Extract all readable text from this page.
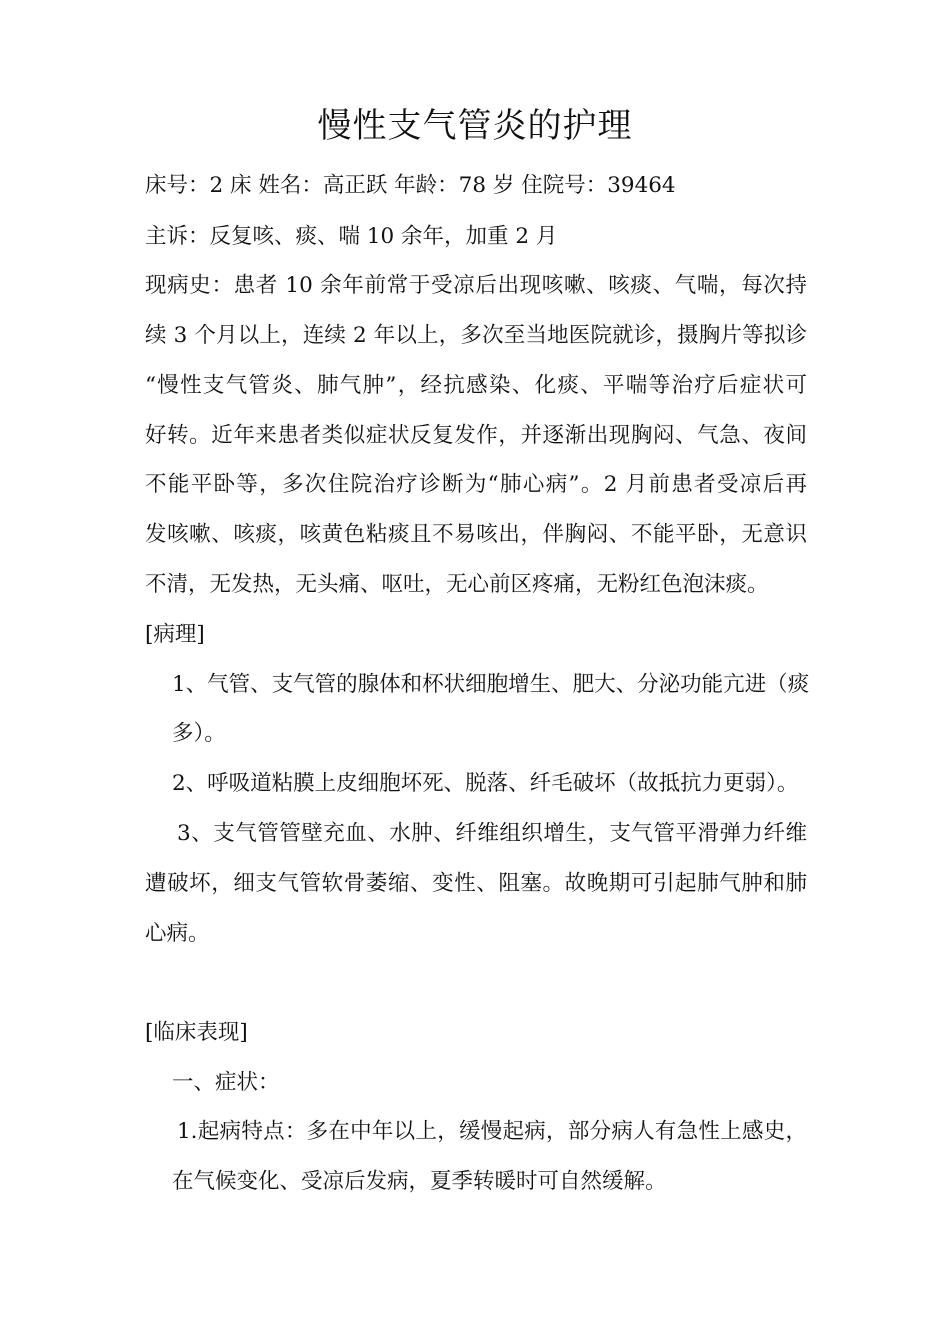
慢性支气管炎的护理
床号：2 床 姓名：高正跃 年龄：78 岁 住院号：39464
主诉：反复咳、痰、喘 10 余年，加重 2 月
现病史：患者 10 余年前常于受凉后出现咳嗽、咳痰、气喘，每次持
续 3 个月以上，连续 2 年以上，多次至当地医院就诊，摄胸片等拟诊
“慢性支气管炎、肺气肿”，经抗感染、化痰、平喘等治疗后症状可
好转。近年来患者类似症状反复发作，并逐渐出现胸闷、气急、夜间
不能平卧等，多次住院治疗诊断为“肺心病”。2 月前患者受凉后再
发咳嗽、咳痰，咳黄色粘痰且不易咳出，伴胸闷、不能平卧，无意识
不清，无发热，无头痛、呕吐，无心前区疼痛，无粉红色泡沫痰。
[病理]
1、气管、支气管的腺体和杯状细胞增生、肥大、分泌功能亢进（痰
多）。
2、呼吸道粘膜上皮细胞坏死、脱落、纤毛破坏（故抵抗力更弱）。
3、支气管管壁充血、水肿、纤维组织增生，支气管平滑弹力纤维
遭破坏，细支气管软骨萎缩、变性、阻塞。故晚期可引起肺气肿和肺
心病。
[临床表现]
一、症状：
1.起病特点：多在中年以上，缓慢起病，部分病人有急性上感史，
在气候变化、受凉后发病，夏季转暖时可自然缓解。
